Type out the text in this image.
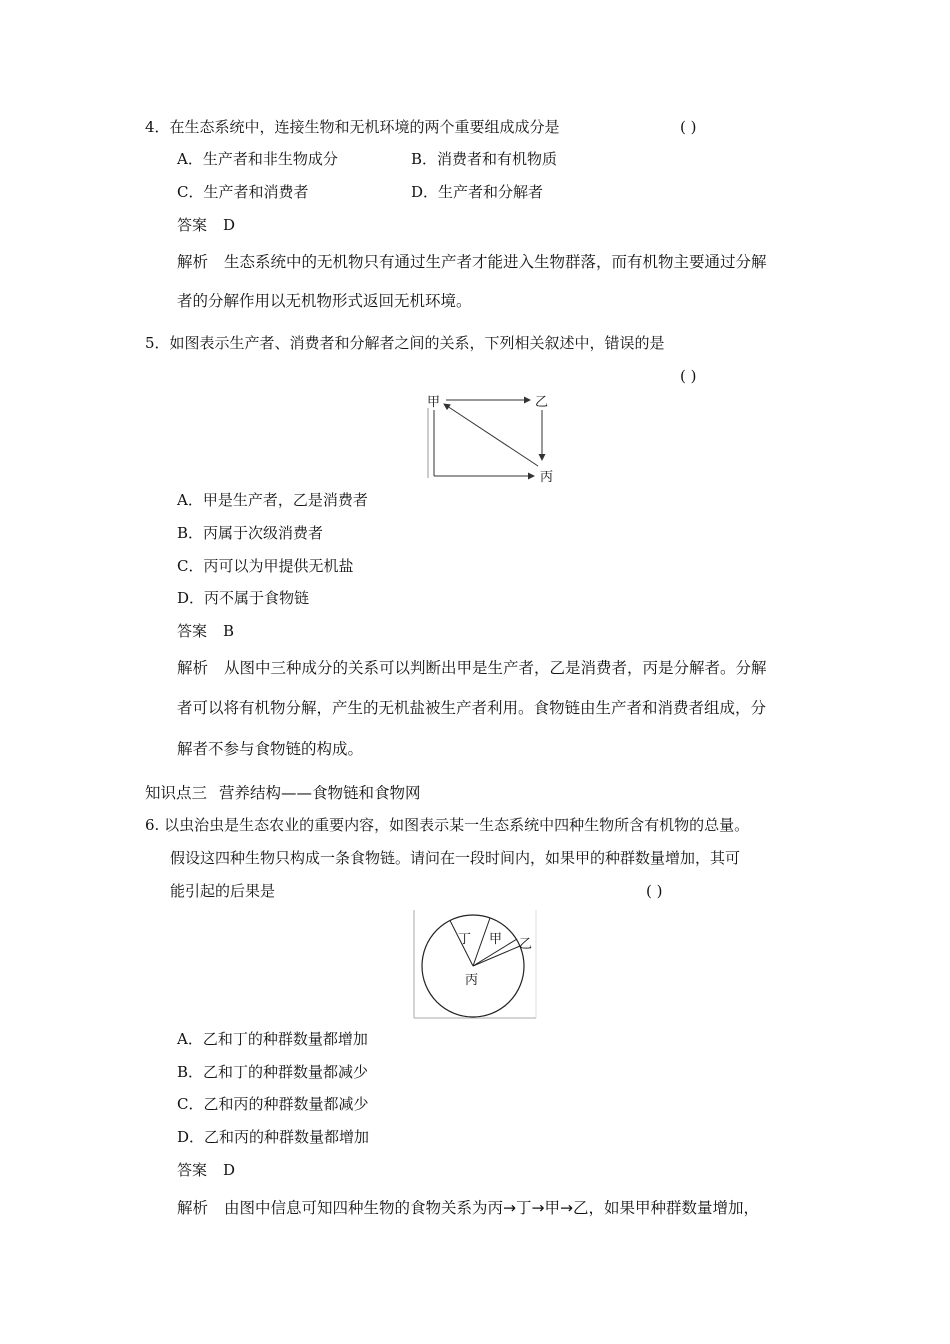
4．在生态系统中，连接生物和无机环境的两个重要组成成分是	( )
A．生产者和非生物成分	B．消费者和有机物质
C．生产者和消费者	D．生产者和分解者
答案 D
解析 生态系统中的无机物只有通过生产者才能进入生物群落，而有机物主要通过分解
者的分解作用以无机物形式返回无机环境。
5．如图表示生产者、消费者和分解者之间的关系，下列相关叙述中，错误的是
( )
甲	乙
丙
A．甲是生产者，乙是消费者
B．丙属于次级消费者
C．丙可以为甲提供无机盐
D．丙不属于食物链
答案 B
解析 从图中三种成分的关系可以判断出甲是生产者，乙是消费者，丙是分解者。分解
者可以将有机物分解，产生的无机盐被生产者利用。食物链由生产者和消费者组成，分
解者不参与食物链的构成。
知识点三 营养结构——食物链和食物网
6. 以虫治虫是生态农业的重要内容，如图表示某一生态系统中四种生物所含有机物的总量。
假设这四种生物只构成一条食物链。请问在一段时间内，如果甲的种群数量增加，其可
能引起的后果是	( )
丁 甲 乙
丙
A．乙和丁的种群数量都增加
B．乙和丁的种群数量都减少
C．乙和丙的种群数量都减少
D．乙和丙的种群数量都增加
答案 D
解析 由图中信息可知四种生物的食物关系为丙→丁→甲→乙，如果甲种群数量增加，
